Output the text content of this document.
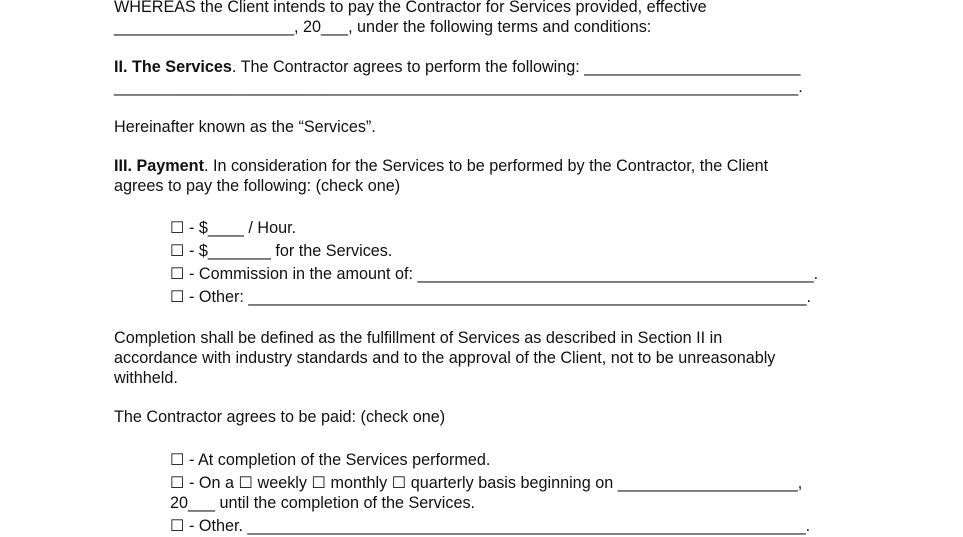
WHEREAS the Client intends to pay the Contractor for Services provided, effective
____________________, 20___, under the following terms and conditions:
II. The Services. The Contractor agrees to perform the following: ________________________
____________________________________________________________________________.
Hereinafter known as the “Services”.
III. Payment. In consideration for the Services to be performed by the Contractor, the Client
agrees to pay the following: (check one)
☐ - $____ / Hour.
☐ - $_______ for the Services.
☐ - Commission in the amount of: ____________________________________________.
☐ - Other: ______________________________________________________________.
Completion shall be defined as the fulfillment of Services as described in Section II in
accordance with industry standards and to the approval of the Client, not to be unreasonably
withheld.
The Contractor agrees to be paid: (check one)
☐ - At completion of the Services performed.
☐ - On a ☐ weekly ☐ monthly ☐ quarterly basis beginning on ____________________,
20___ until the completion of the Services.
☐ - Other. ______________________________________________________________.
